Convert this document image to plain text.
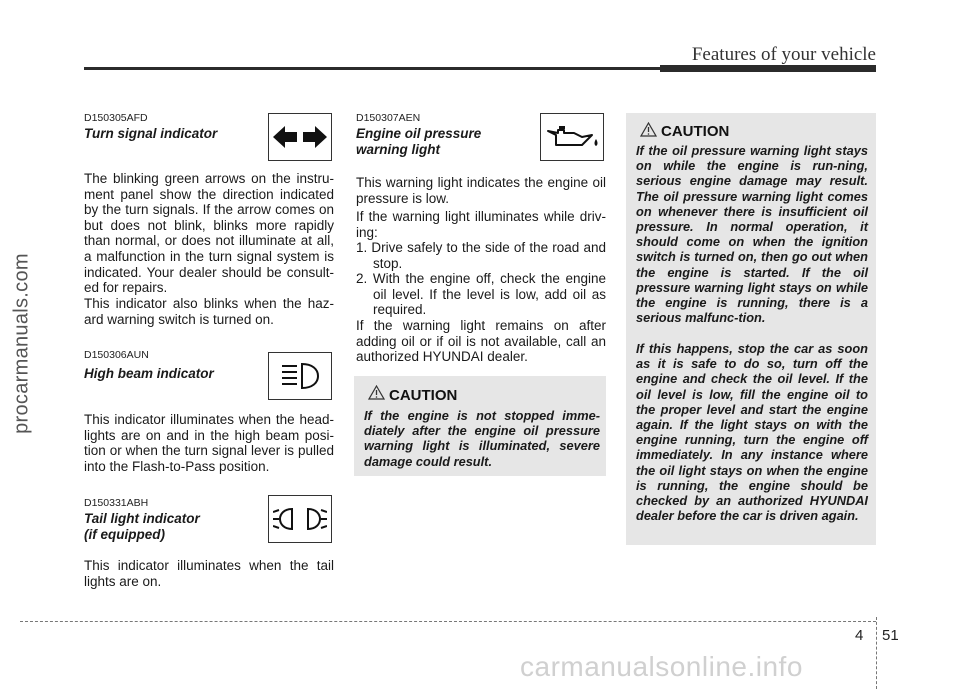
Features of your vehicle
procarmanuals.com
carmanualsonline.info
D150305AFD
Turn signal indicator

The blinking green arrows on the instru-ment panel show the direction indicated by the turn signals. If the arrow comes on but does not blink, blinks more rapidly than normal, or does not illuminate at all, a malfunction in the turn signal system is indicated. Your dealer should be consult-ed for repairs.

This indicator also blinks when the haz-ard warning switch is turned on.

D150306AUN
High beam indicator

This indicator illuminates when the head-lights are on and in the high beam posi-tion or when the turn signal lever is pulled into the Flash-to-Pass position.

D150331ABH
Tail light indicator
(if equipped)

This indicator illuminates when the tail lights are on.

D150307AEN
Engine oil pressure
warning light

This warning light indicates the engine oil pressure is low.

If the warning light illuminates while driv-ing:

1. Drive safely to the side of the road and stop.
2. With the engine off, check the engine oil level. If the level is low, add oil as required.

If the warning light remains on after adding oil or if oil is not available, call an authorized HYUNDAI dealer.

CAUTION

If the engine is not stopped imme-diately after the engine oil pressure warning light is illuminated, severe damage could result.

CAUTION

If the oil pressure warning light stays on while the engine is run-ning, serious engine damage may result. The oil pressure warning light comes on whenever there is insufficient oil pressure. In normal operation, it should come on when the ignition switch is turned on, then go out when the engine is started. If the oil pressure warning light stays on while the engine is running, there is a serious malfunc-tion.

If this happens, stop the car as soon as it is safe to do so, turn off the engine and check the oil level. If the oil level is low, fill the engine oil to the proper level and start the engine again. If the light stays on with the engine running, turn the engine off immediately. In any instance where the oil light stays on when the engine is running, the engine should be checked by an authorized HYUNDAI dealer before the car is driven again.

4 51
